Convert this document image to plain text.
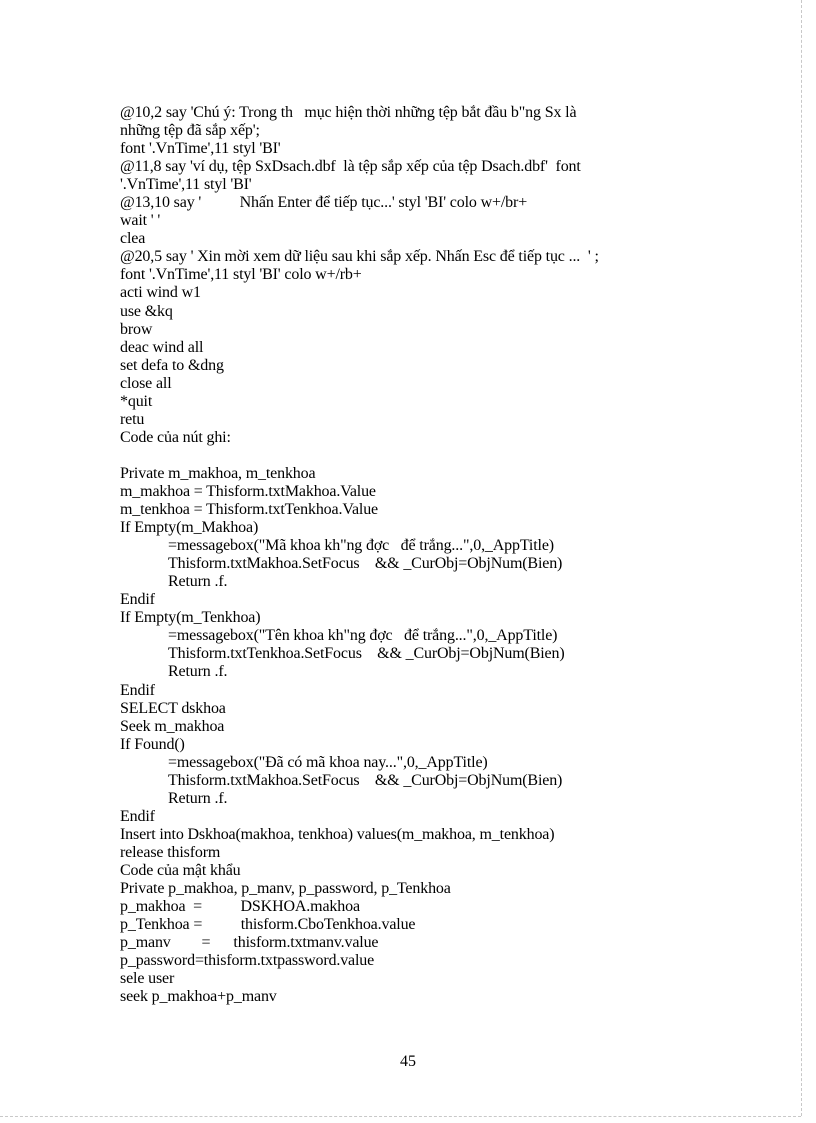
@10,2 say 'Chú ý: Trong th   mục hiện thời những tệp bắt đầu b"ng Sx là
những tệp đã sắp xếp';
font '.VnTime',11 styl 'BI'
@11,8 say 'ví dụ, tệp SxDsach.dbf  là tệp sắp xếp của tệp Dsach.dbf'  font
'.VnTime',11 styl 'BI'
@13,10 say '          Nhấn Enter để tiếp tục...' styl 'BI' colo w+/br+
wait ' '
clea
@20,5 say ' Xin mời xem dữ liệu sau khi sắp xếp. Nhấn Esc để tiếp tục ...  ' ;
font '.VnTime',11 styl 'BI' colo w+/rb+
acti wind w1
use &kq
brow
deac wind all
set defa to &dng
close all
*quit
retu
Code của nút ghi:
Private m_makhoa, m_tenkhoa
m_makhoa = Thisform.txtMakhoa.Value
m_tenkhoa = Thisform.txtTenkhoa.Value
If Empty(m_Makhoa)
=messagebox("Mã khoa kh"ng đợc   để trắng...",0,_AppTitle)
Thisform.txtMakhoa.SetFocus    && _CurObj=ObjNum(Bien)
Return .f.
Endif
If Empty(m_Tenkhoa)
=messagebox("Tên khoa kh"ng đợc   để trắng...",0,_AppTitle)
Thisform.txtTenkhoa.SetFocus    && _CurObj=ObjNum(Bien)
Return .f.
Endif
SELECT dskhoa
Seek m_makhoa
If Found()
=messagebox("Đã có mã khoa nay...",0,_AppTitle)
Thisform.txtMakhoa.SetFocus    && _CurObj=ObjNum(Bien)
Return .f.
Endif
Insert into Dskhoa(makhoa, tenkhoa) values(m_makhoa, m_tenkhoa)
release thisform
Code của mật khẩu
Private p_makhoa, p_manv, p_password, p_Tenkhoa
p_makhoa  =          DSKHOA.makhoa
p_Tenkhoa =          thisform.CboTenkhoa.value
p_manv        =      thisform.txtmanv.value
p_password=thisform.txtpassword.value
sele user
seek p_makhoa+p_manv
45
